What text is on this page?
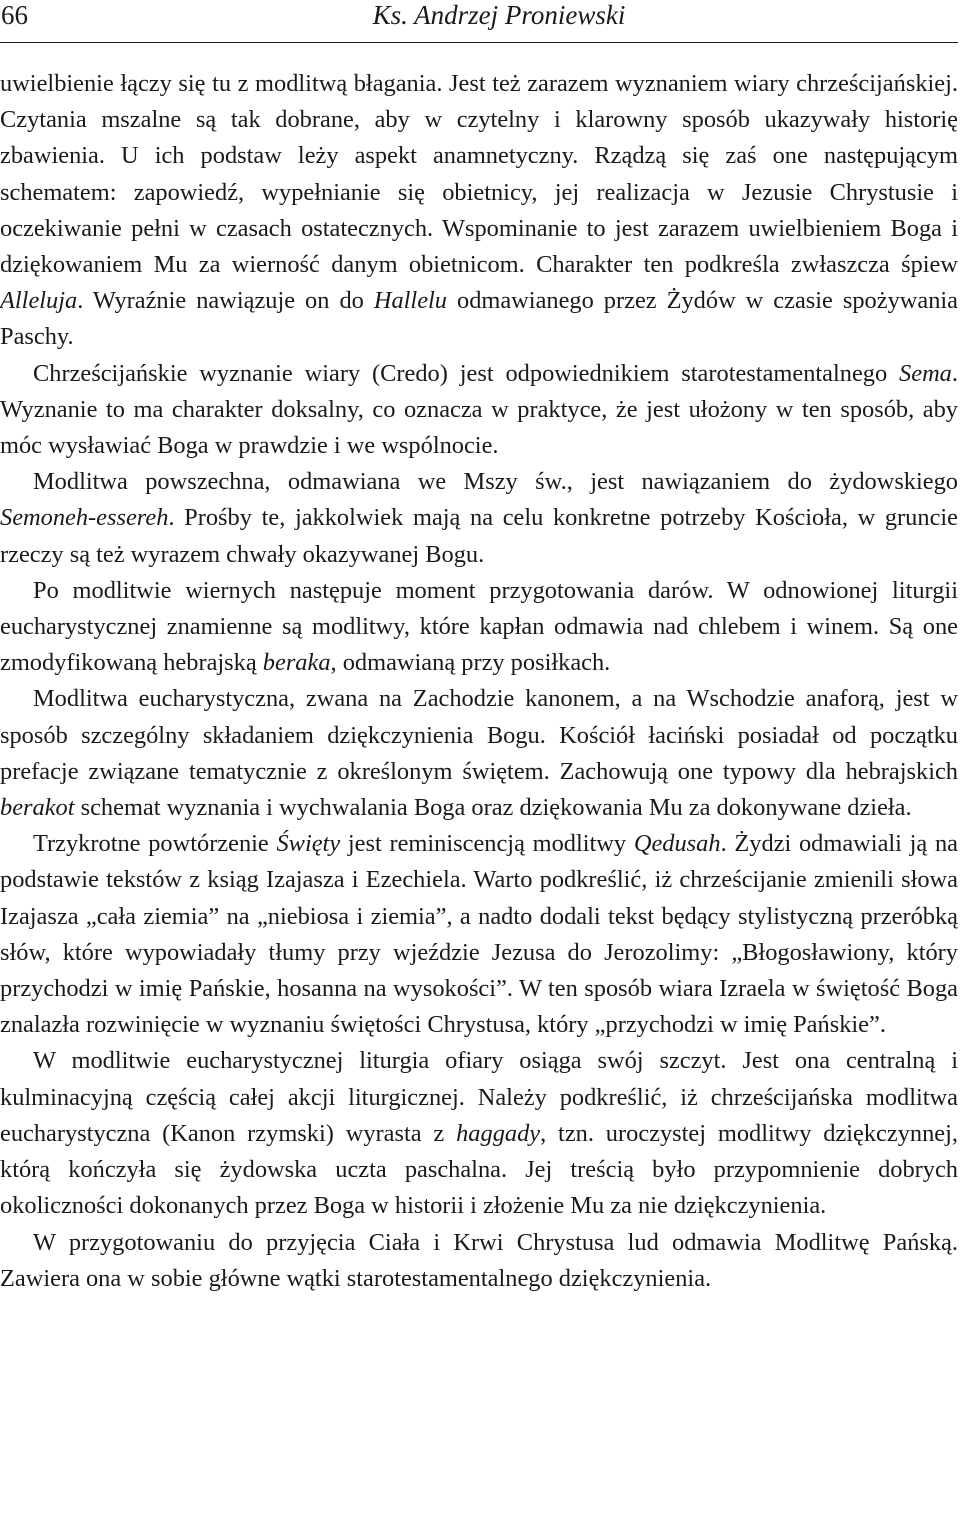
66	Ks. Andrzej Proniewski

uwielbienie łączy się tu z modlitwą błagania. Jest też zarazem wyznaniem wiary chrześcijańskiej. Czytania mszalne są tak dobrane, aby w czytelny i klarowny sposób ukazywały historię zbawienia. U ich podstaw leży aspekt anamnetyczny. Rządzą się zaś one następującym schematem: zapowiedź, wypełnianie się obietnicy, jej realizacja w Jezusie Chrystusie i oczekiwanie pełni w czasach ostatecznych. Wspominanie to jest zarazem uwielbieniem Boga i dziękowaniem Mu za wierność danym obietnicom. Charakter ten podkreśla zwłaszcza śpiew Alleluja. Wyraźnie nawiązuje on do Hallelu odmawianego przez Żydów w czasie spożywania Paschy.

Chrześcijańskie wyznanie wiary (Credo) jest odpowiednikiem starotestamentalnego Sema. Wyznanie to ma charakter doksalny, co oznacza w praktyce, że jest ułożony w ten sposób, aby móc wysławiać Boga w prawdzie i we wspólnocie.

Modlitwa powszechna, odmawiana we Mszy św., jest nawiązaniem do żydowskiego Semoneh-essereh. Prośby te, jakkolwiek mają na celu konkretne potrzeby Kościoła, w gruncie rzeczy są też wyrazem chwały okazywanej Bogu.

Po modlitwie wiernych następuje moment przygotowania darów. W odnowionej liturgii eucharystycznej znamienne są modlitwy, które kapłan odmawia nad chlebem i winem. Są one zmodyfikowaną hebrajską beraka, odmawianą przy posiłkach.

Modlitwa eucharystyczna, zwana na Zachodzie kanonem, a na Wschodzie anaforą, jest w sposób szczególny składaniem dziękczynienia Bogu. Kościół łaciński posiadał od początku prefacje związane tematycznie z określonym świętem. Zachowują one typowy dla hebrajskich berakot schemat wyznania i wychwalania Boga oraz dziękowania Mu za dokonywane dzieła.

Trzykrotne powtórzenie Święty jest reminiscencją modlitwy Qedusah. Żydzi odmawiali ją na podstawie tekstów z ksiąg Izajasza i Ezechiela. Warto podkreślić, iż chrześcijanie zmienili słowa Izajasza „cała ziemia” na „niebiosa i ziemia”, a nadto dodali tekst będący stylistyczną przeróbką słów, które wypowiadały tłumy przy wjeździe Jezusa do Jerozolimy: „Błogosławiony, który przychodzi w imię Pańskie, hosanna na wysokości”. W ten sposób wiara Izraela w świętość Boga znalazła rozwinięcie w wyznaniu świętości Chrystusa, który „przychodzi w imię Pańskie”.

W modlitwie eucharystycznej liturgia ofiary osiąga swój szczyt. Jest ona centralną i kulminacyjną częścią całej akcji liturgicznej. Należy podkreślić, iż chrześcijańska modlitwa eucharystyczna (Kanon rzymski) wyrasta z haggady, tzn. uroczystej modlitwy dziękczynnej, którą kończyła się żydowska uczta paschalna. Jej treścią było przypomnienie dobrych okoliczności dokonanych przez Boga w historii i złożenie Mu za nie dziękczynienia.

W przygotowaniu do przyjęcia Ciała i Krwi Chrystusa lud odmawia Modlitwę Pańską. Zawiera ona w sobie główne wątki starotestamentalnego dziękczynienia.
